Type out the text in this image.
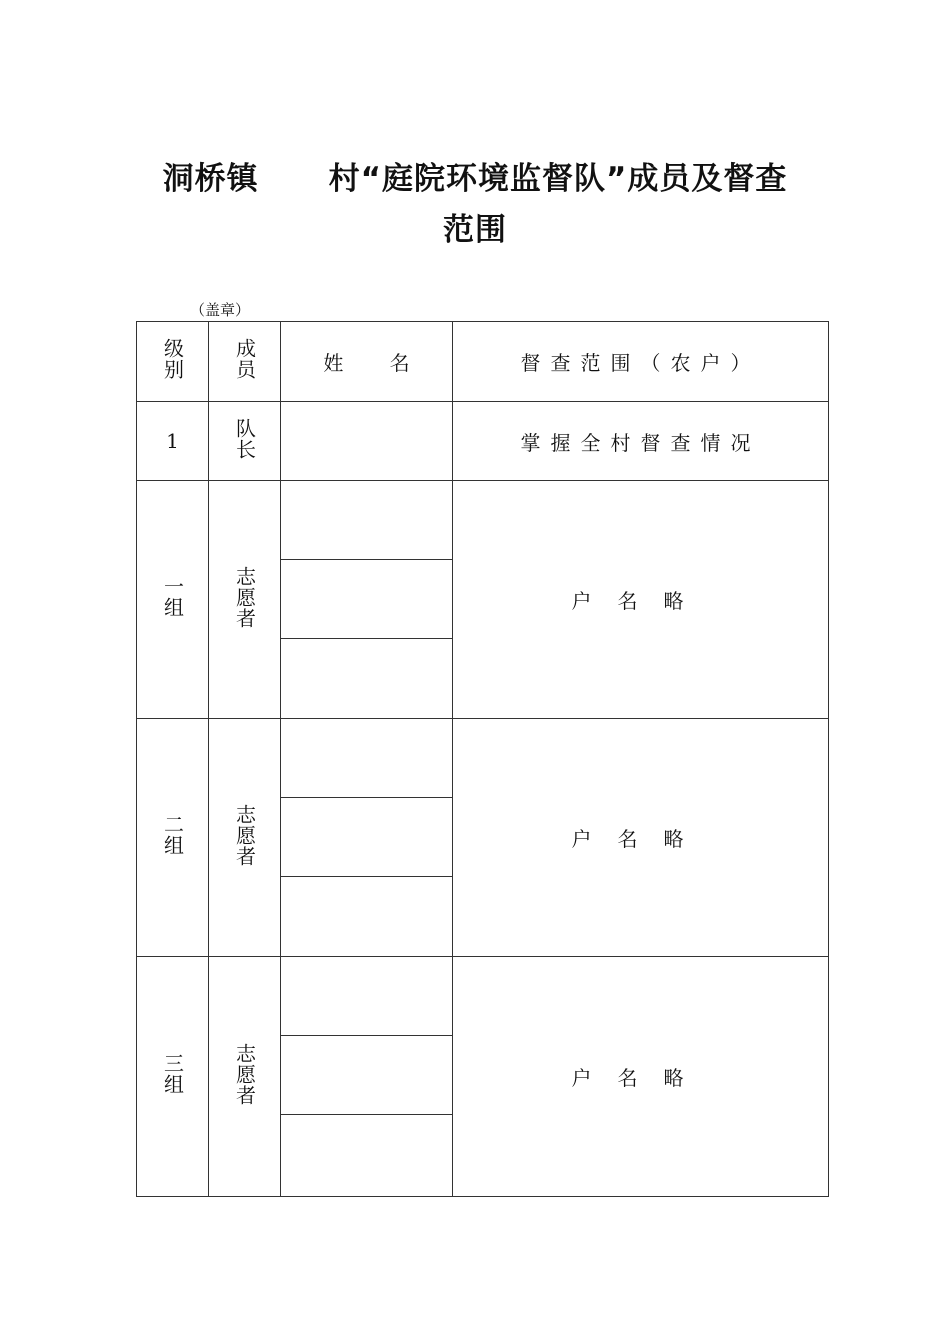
洞桥镇 村“庭院环境监督队”成员及督查
范围
（盖章）
级别	成员	姓 名	督查范围（农户）
1	队长		掌握全村督查情况
一组	志愿者		户名略

二组	志愿者		户名略

三组	志愿者		户名略
